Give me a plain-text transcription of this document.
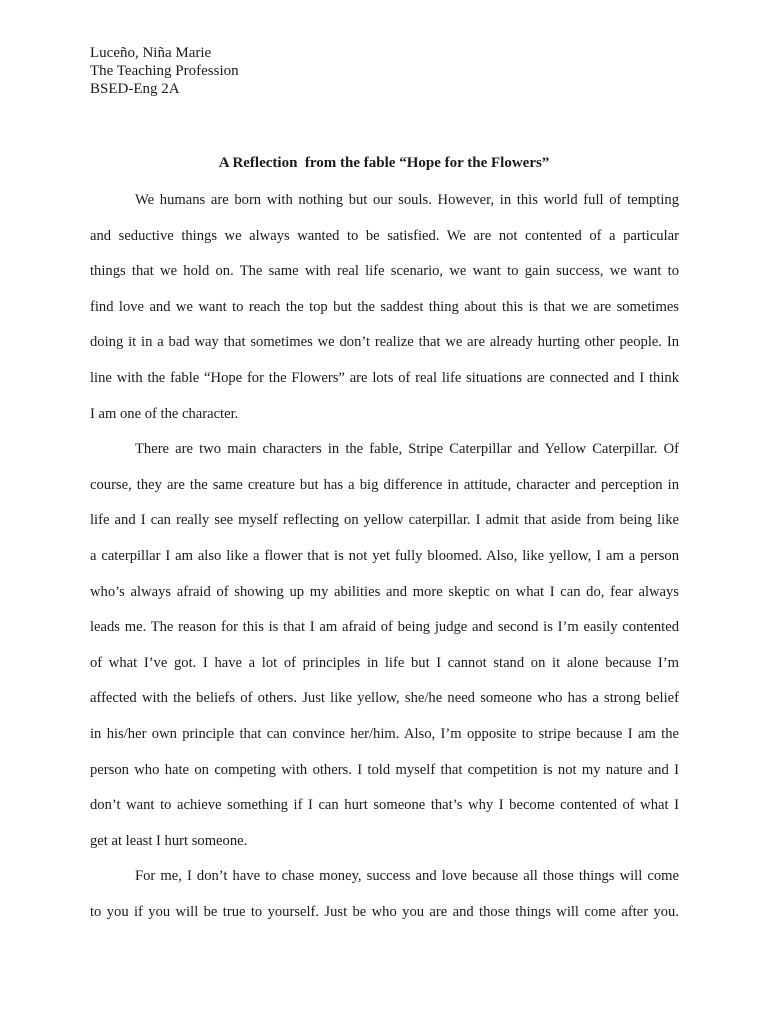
Luceño, Niña Marie
The Teaching Profession
BSED-Eng 2A
A Reflection  from the fable “Hope for the Flowers”
We humans are born with nothing but our souls. However, in this world full of tempting
and seductive things we always wanted to be satisfied. We are not contented of a particular
things that we hold on. The same with real life scenario, we want to gain success, we want to
find love and we want to reach the top but the saddest thing about this is that we are sometimes
doing it in a bad way that sometimes we don’t realize that we are already hurting other people. In
line with the fable “Hope for the Flowers” are lots of real life situations are connected and I think
I am one of the character.
There are two main characters in the fable, Stripe Caterpillar and Yellow Caterpillar. Of
course, they are the same creature but has a big difference in attitude, character and perception in
life and I can really see myself reflecting on yellow caterpillar. I admit that aside from being like
a caterpillar I am also like a flower that is not yet fully bloomed. Also, like yellow, I am a person
who’s always afraid of showing up my abilities and more skeptic on what I can do, fear always
leads me. The reason for this is that I am afraid of being judge and second is I’m easily contented
of what I’ve got. I have a lot of principles in life but I cannot stand on it alone because I’m
affected with the beliefs of others. Just like yellow, she/he need someone who has a strong belief
in his/her own principle that can convince her/him. Also, I’m opposite to stripe because I am the
person who hate on competing with others. I told myself that competition is not my nature and I
don’t want to achieve something if I can hurt someone that’s why I become contented of what I
get at least I hurt someone.
For me, I don’t have to chase money, success and love because all those things will come
to you if you will be true to yourself. Just be who you are and those things will come after you.
